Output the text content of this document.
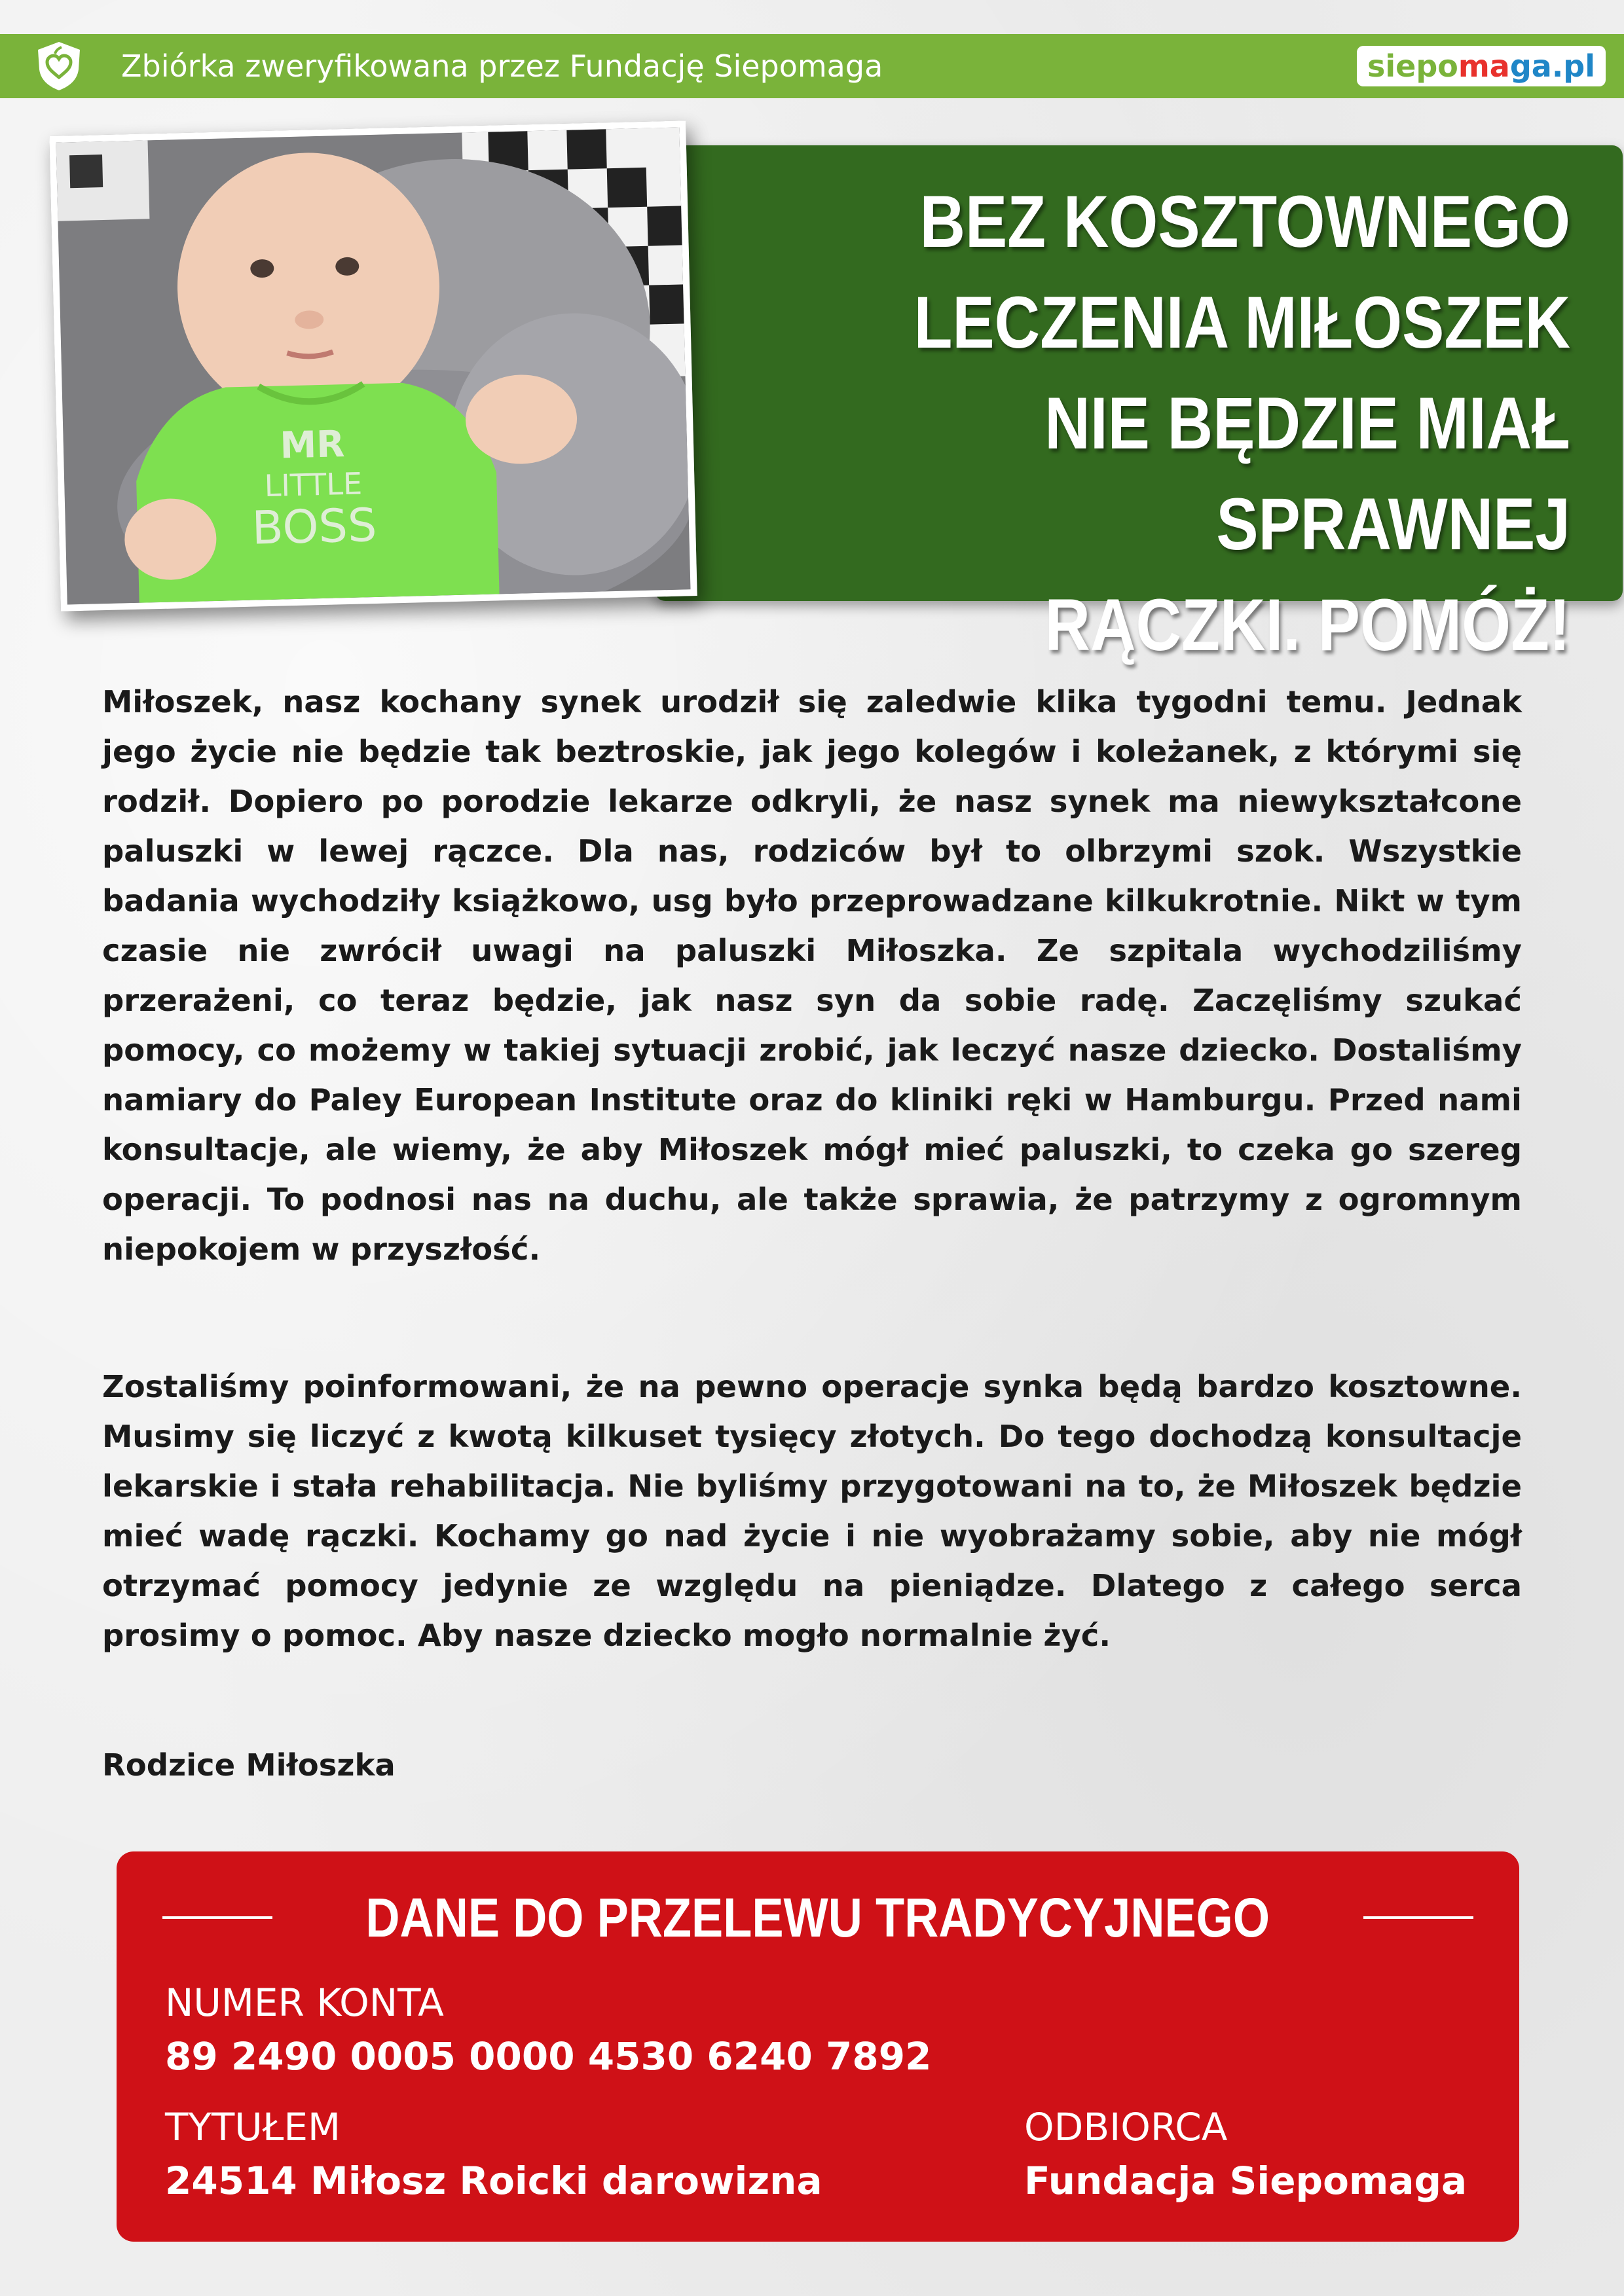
Zbiórka zweryfikowana przez Fundację Siepomaga	siepomaga.pl
BEZ KOSZTOWNEGO
LECZENIA MIŁOSZEK
NIE BĘDZIE MIAŁ SPRAWNEJ
RĄCZKI. POMÓŻ!
MR
LITTLE
BOSS

Miłoszek, nasz kochany synek urodził się zaledwie klika tygodni temu. Jednak jego życie nie będzie tak beztroskie, jak jego kolegów i koleżanek, z którymi się rodził. Dopiero po porodzie lekarze odkryli, że nasz synek ma niewykształcone paluszki w lewej rączce. Dla nas, rodziców był to olbrzymi szok. Wszystkie badania wychodziły książkowo, usg było przeprowadzane kilkukrotnie. Nikt w tym czasie nie zwrócił uwagi na paluszki Miłoszka. Ze szpitala wychodziliśmy przerażeni, co teraz będzie, jak nasz syn da sobie radę. Zaczęliśmy szukać pomocy, co możemy w takiej sytuacji zrobić, jak leczyć nasze dziecko. Dostaliśmy namiary do Paley European Institute oraz do kliniki ręki w Hamburgu. Przed nami konsultacje, ale wiemy, że aby Miłoszek mógł mieć paluszki, to czeka go szereg operacji. To podnosi nas na duchu, ale także sprawia, że patrzymy z ogromnym niepokojem w przyszłość.

Zostaliśmy poinformowani, że na pewno operacje synka będą bardzo kosztowne. Musimy się liczyć z kwotą kilkuset tysięcy złotych. Do tego dochodzą konsultacje lekarskie i stała rehabilitacja. Nie byliśmy przygotowani na to, że Miłoszek będzie mieć wadę rączki. Kochamy go nad życie i nie wyobrażamy sobie, aby nie mógł otrzymać pomocy jedynie ze względu na pieniądze. Dlatego z całego serca prosimy o pomoc. Aby nasze dziecko mogło normalnie żyć.

Rodzice Miłoszka
DANE DO PRZELEWU TRADYCYJNEGO
NUMER KONTA
89 2490 0005 0000 4530 6240 7892
TYTUŁEM
24514 Miłosz Roicki darowizna
ODBIORCA
Fundacja Siepomaga
